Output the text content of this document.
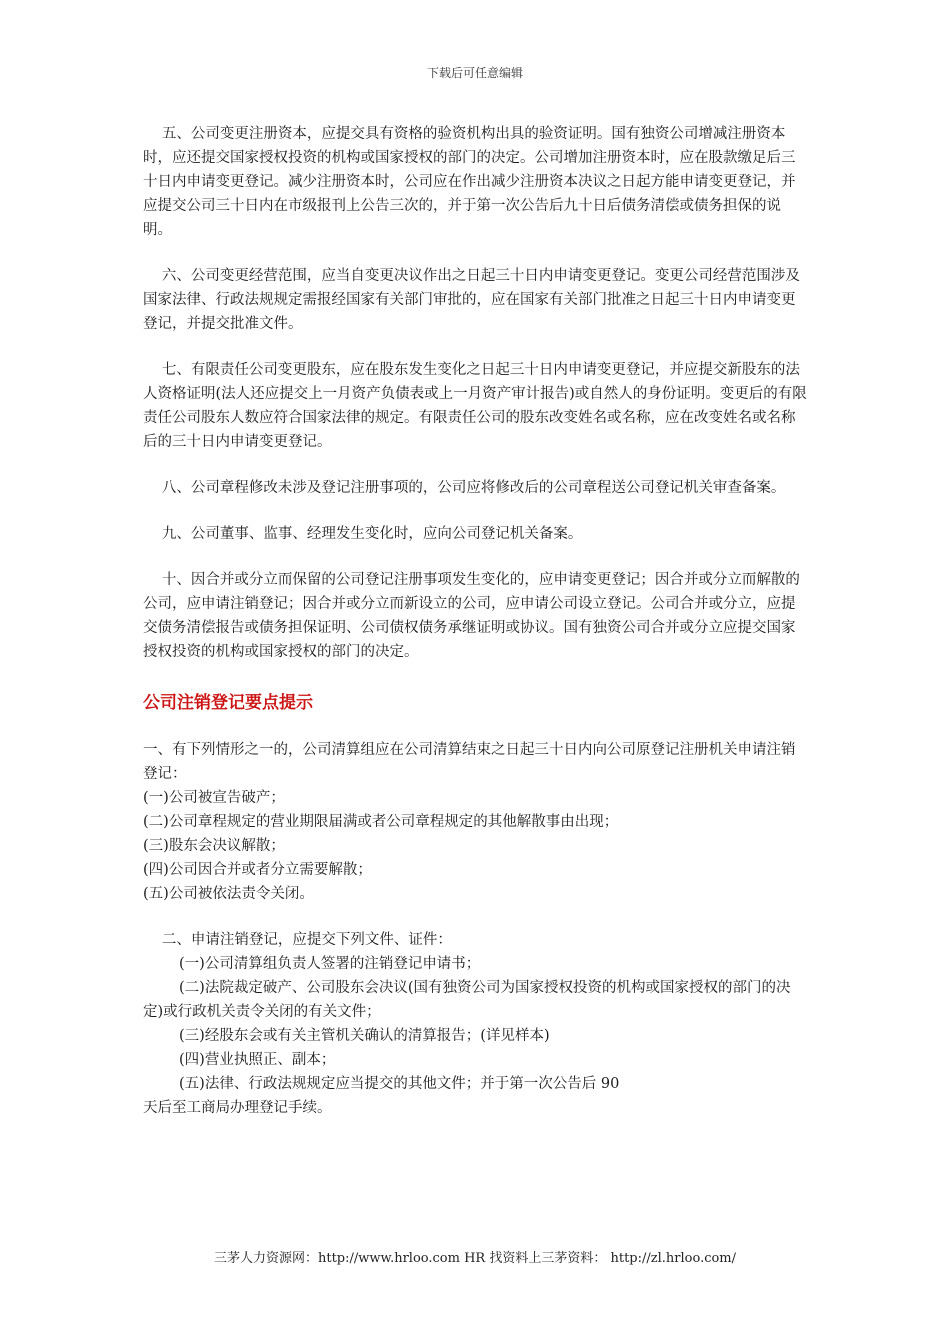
下载后可任意编辑

五、公司变更注册资本，应提交具有资格的验资机构出具的验资证明。国有独资公司增减注册资本时，应还提交国家授权投资的机构或国家授权的部门的决定。公司增加注册资本时，应在股款缴足后三十日内申请变更登记。减少注册资本时，公司应在作出减少注册资本决议之日起方能申请变更登记，并应提交公司三十日内在市级报刊上公告三次的，并于第一次公告后九十日后债务清偿或债务担保的说明。

六、公司变更经营范围，应当自变更决议作出之日起三十日内申请变更登记。变更公司经营范围涉及国家法律、行政法规规定需报经国家有关部门审批的，应在国家有关部门批准之日起三十日内申请变更登记，并提交批准文件。

七、有限责任公司变更股东，应在股东发生变化之日起三十日内申请变更登记，并应提交新股东的法人资格证明(法人还应提交上一月资产负债表或上一月资产审计报告)或自然人的身份证明。变更后的有限责任公司股东人数应符合国家法律的规定。有限责任公司的股东改变姓名或名称，应在改变姓名或名称后的三十日内申请变更登记。

八、公司章程修改未涉及登记注册事项的，公司应将修改后的公司章程送公司登记机关审查备案。

九、公司董事、监事、经理发生变化时，应向公司登记机关备案。

十、因合并或分立而保留的公司登记注册事项发生变化的，应申请变更登记；因合并或分立而解散的公司，应申请注销登记；因合并或分立而新设立的公司，应申请公司设立登记。公司合并或分立，应提交债务清偿报告或债务担保证明、公司债权债务承继证明或协议。国有独资公司合并或分立应提交国家授权投资的机构或国家授权的部门的决定。

公司注销登记要点提示

一、有下列情形之一的，公司清算组应在公司清算结束之日起三十日内向公司原登记注册机关申请注销登记：

(一)公司被宣告破产；

(二)公司章程规定的营业期限届满或者公司章程规定的其他解散事由出现；

(三)股东会决议解散；

(四)公司因合并或者分立需要解散；

(五)公司被依法责令关闭。

二、申请注销登记，应提交下列文件、证件：

(一)公司清算组负责人签署的注销登记申请书；

(二)法院裁定破产、公司股东会决议(国有独资公司为国家授权投资的机构或国家授权的部门的决定)或行政机关责令关闭的有关文件；

(三)经股东会或有关主管机关确认的清算报告；(详见样本)

(四)营业执照正、副本；

(五)法律、行政法规规定应当提交的其他文件；并于第一次公告后 90

天后至工商局办理登记手续。

三茅人力资源网：http://www.hrloo.com HR 找资料上三茅资料： http://zl.hrloo.com/
